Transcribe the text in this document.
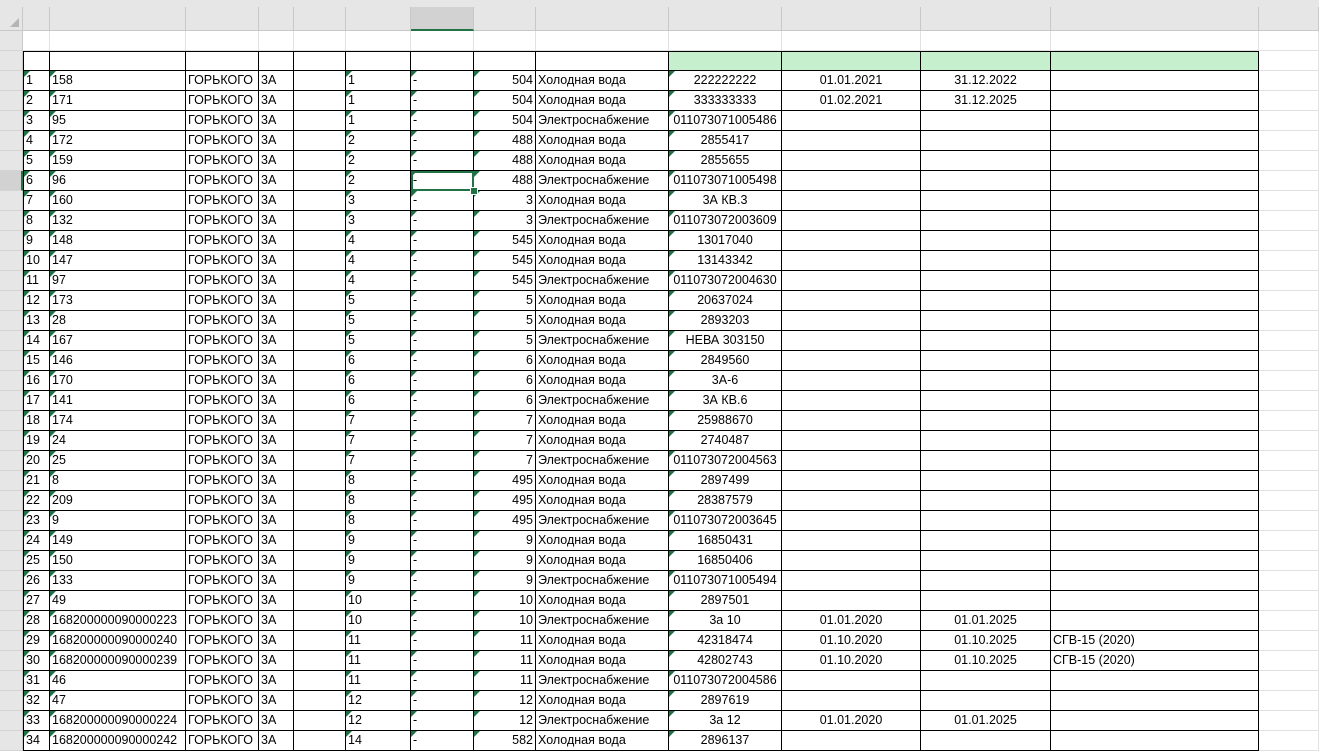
1	158	ГОРЬКОГО 3А	1	-	504 Холодная вода	222222222	01.01.2021	31.12.2022
2	171	ГОРЬКОГО 3А	1	-	504 Холодная вода	333333333	01.02.2021	31.12.2025
3	95	ГОРЬКОГО 3А	1	-	504 Электроснабжение	011073071005486
4	172	ГОРЬКОГО 3А	2	-	488 Холодная вода	2855417
5	159	ГОРЬКОГО 3А	2	-	488 Холодная вода	2855655
6	96	ГОРЬКОГО 3А	2	-	488 Электроснабжение	011073071005498
7	160	ГОРЬКОГО 3А	3	-	3 Холодная вода	3А КВ.3
8	132	ГОРЬКОГО 3А	3	-	3 Электроснабжение	011073072003609
9	148	ГОРЬКОГО 3А	4	-	545 Холодная вода	13017040
10 147	ГОРЬКОГО 3А	4	-	545 Холодная вода	13143342
11	97	ГОРЬКОГО 3А	4	-	545 Электроснабжение	011073072004630
12 173	ГОРЬКОГО 3А	5	-	5 Холодная вода	20637024
13 28	ГОРЬКОГО 3А	5	-	5 Холодная вода	2893203
14 167	ГОРЬКОГО 3А	5	-	5 Электроснабжение	НЕВА 303150
15 146	ГОРЬКОГО 3А	6	-	6 Холодная вода	2849560
16 170	ГОРЬКОГО 3А	6	-	6 Холодная вода	3А-6
17 141	ГОРЬКОГО 3А	6	-	6 Электроснабжение	3А КВ.6
18 174	ГОРЬКОГО 3А	7	-	7 Холодная вода	25988670
19 24	ГОРЬКОГО 3А	7	-	7 Холодная вода	2740487
20 25	ГОРЬКОГО 3А	7	-	7 Электроснабжение	011073072004563
21 8	ГОРЬКОГО 3А	8	-	495 Холодная вода	2897499
22 209	ГОРЬКОГО 3А	8	-	495 Холодная вода	28387579
23 9	ГОРЬКОГО 3А	8	-	495 Электроснабжение	011073072003645
24 149	ГОРЬКОГО 3А	9	-	9 Холодная вода	16850431
25 150	ГОРЬКОГО 3А	9	-	9 Холодная вода	16850406
26 133	ГОРЬКОГО 3А	9	-	9 Электроснабжение	011073071005494
27 49	ГОРЬКОГО 3А	10	-	10 Холодная вода	2897501
28 168200000090000223 ГОРЬКОГО 3А	10	-	10 Электроснабжение	3а 10	01.01.2020	01.01.2025
29 168200000090000240 ГОРЬКОГО 3А	11	-	11 Холодная вода	42318474	01.10.2020	01.10.2025	СГВ-15 (2020)
30 168200000090000239 ГОРЬКОГО 3А	11	-	11 Холодная вода	42802743	01.10.2020	01.10.2025	СГВ-15 (2020)
31 46	ГОРЬКОГО 3А	11	-	11 Электроснабжение	011073072004586
32 47	ГОРЬКОГО 3А	12	-	12 Холодная вода	2897619
33 168200000090000224 ГОРЬКОГО 3А	12	-	12 Электроснабжение	3а 12	01.01.2020	01.01.2025
34 168200000090000242 ГОРЬКОГО 3А	14	-	582 Холодная вода	2896137
